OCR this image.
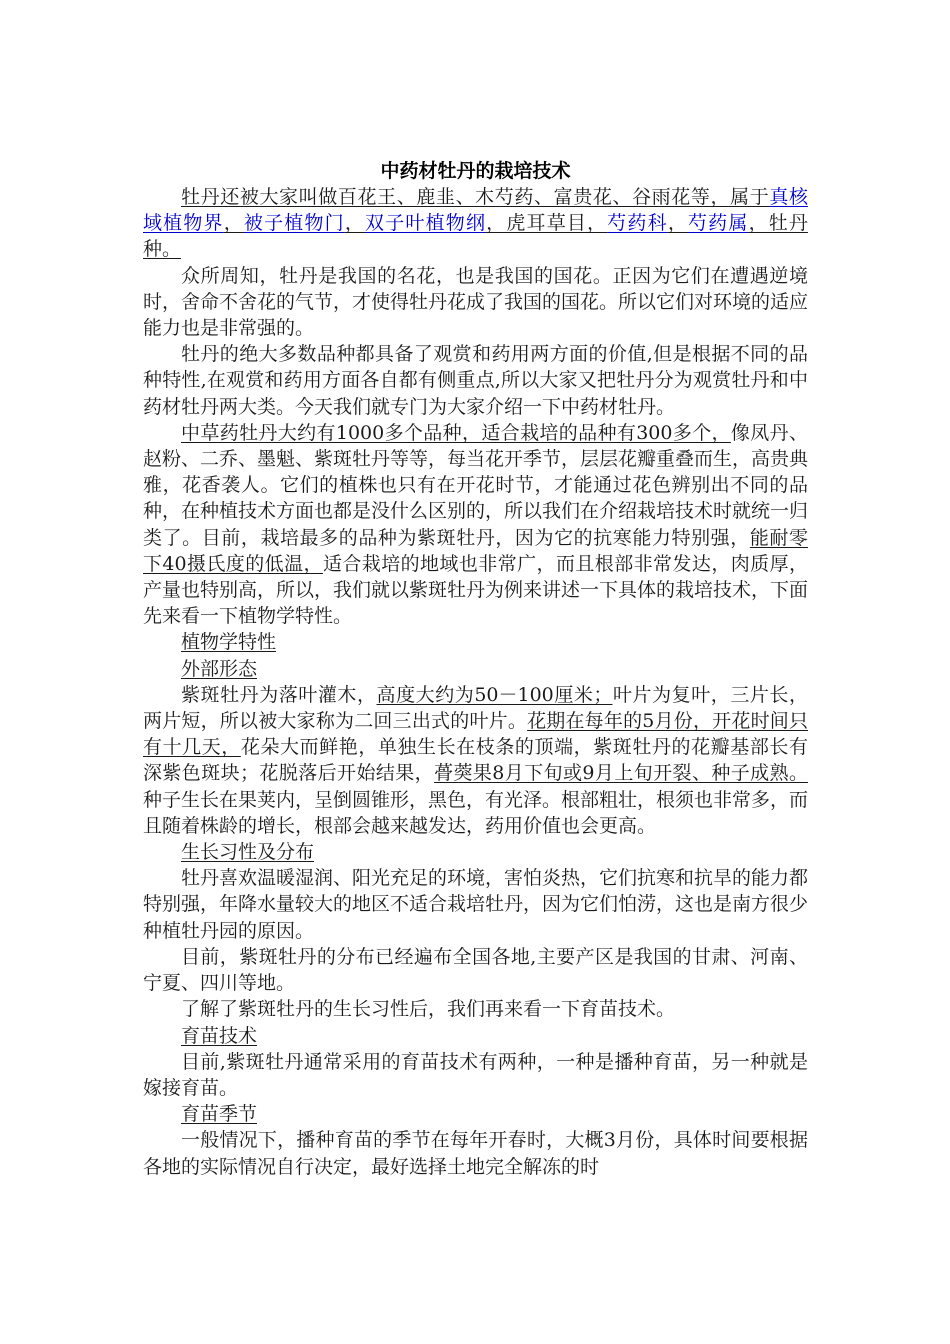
中药材牡丹的栽培技术

牡丹还被大家叫做百花王、鹿韭、木芍药、富贵花、谷雨花等，属于真核域植物界，被子植物门，双子叶植物纲，虎耳草目，芍药科，芍药属，牡丹种。

众所周知，牡丹是我国的名花，也是我国的国花。正因为它们在遭遇逆境时，舍命不舍花的气节，才使得牡丹花成了我国的国花。所以它们对环境的适应能力也是非常强的。

牡丹的绝大多数品种都具备了观赏和药用两方面的价值,但是根据不同的品种特性,在观赏和药用方面各自都有侧重点,所以大家又把牡丹分为观赏牡丹和中药材牡丹两大类。今天我们就专门为大家介绍一下中药材牡丹。

中草药牡丹大约有1000多个品种，适合栽培的品种有300多个，像凤丹、赵粉、二乔、墨魁、紫斑牡丹等等，每当花开季节，层层花瓣重叠而生，高贵典雅，花香袭人。它们的植株也只有在开花时节，才能通过花色辨别出不同的品种，在种植技术方面也都是没什么区别的，所以我们在介绍栽培技术时就统一归类了。目前，栽培最多的品种为紫斑牡丹，因为它的抗寒能力特别强，能耐零下40摄氏度的低温，适合栽培的地域也非常广，而且根部非常发达，肉质厚，产量也特别高，所以，我们就以紫斑牡丹为例来讲述一下具体的栽培技术，下面先来看一下植物学特性。

植物学特性

外部形态

紫斑牡丹为落叶灌木，高度大约为50－100厘米；叶片为复叶，三片长，两片短，所以被大家称为二回三出式的叶片。花期在每年的5月份，开花时间只有十几天，花朵大而鲜艳，单独生长在枝条的顶端，紫斑牡丹的花瓣基部长有深紫色斑块；花脱落后开始结果，蓇葖果8月下旬或9月上旬开裂、种子成熟。种子生长在果荚内，呈倒圆锥形，黑色，有光泽。根部粗壮，根须也非常多，而且随着株龄的增长，根部会越来越发达，药用价值也会更高。

生长习性及分布

牡丹喜欢温暖湿润、阳光充足的环境，害怕炎热，它们抗寒和抗旱的能力都特别强，年降水量较大的地区不适合栽培牡丹，因为它们怕涝，这也是南方很少种植牡丹园的原因。

目前，紫斑牡丹的分布已经遍布全国各地,主要产区是我国的甘肃、河南、宁夏、四川等地。

了解了紫斑牡丹的生长习性后，我们再来看一下育苗技术。

育苗技术

目前,紫斑牡丹通常采用的育苗技术有两种，一种是播种育苗，另一种就是嫁接育苗。

育苗季节

一般情况下，播种育苗的季节在每年开春时，大概3月份，具体时间要根据各地的实际情况自行决定，最好选择土地完全解冻的时
